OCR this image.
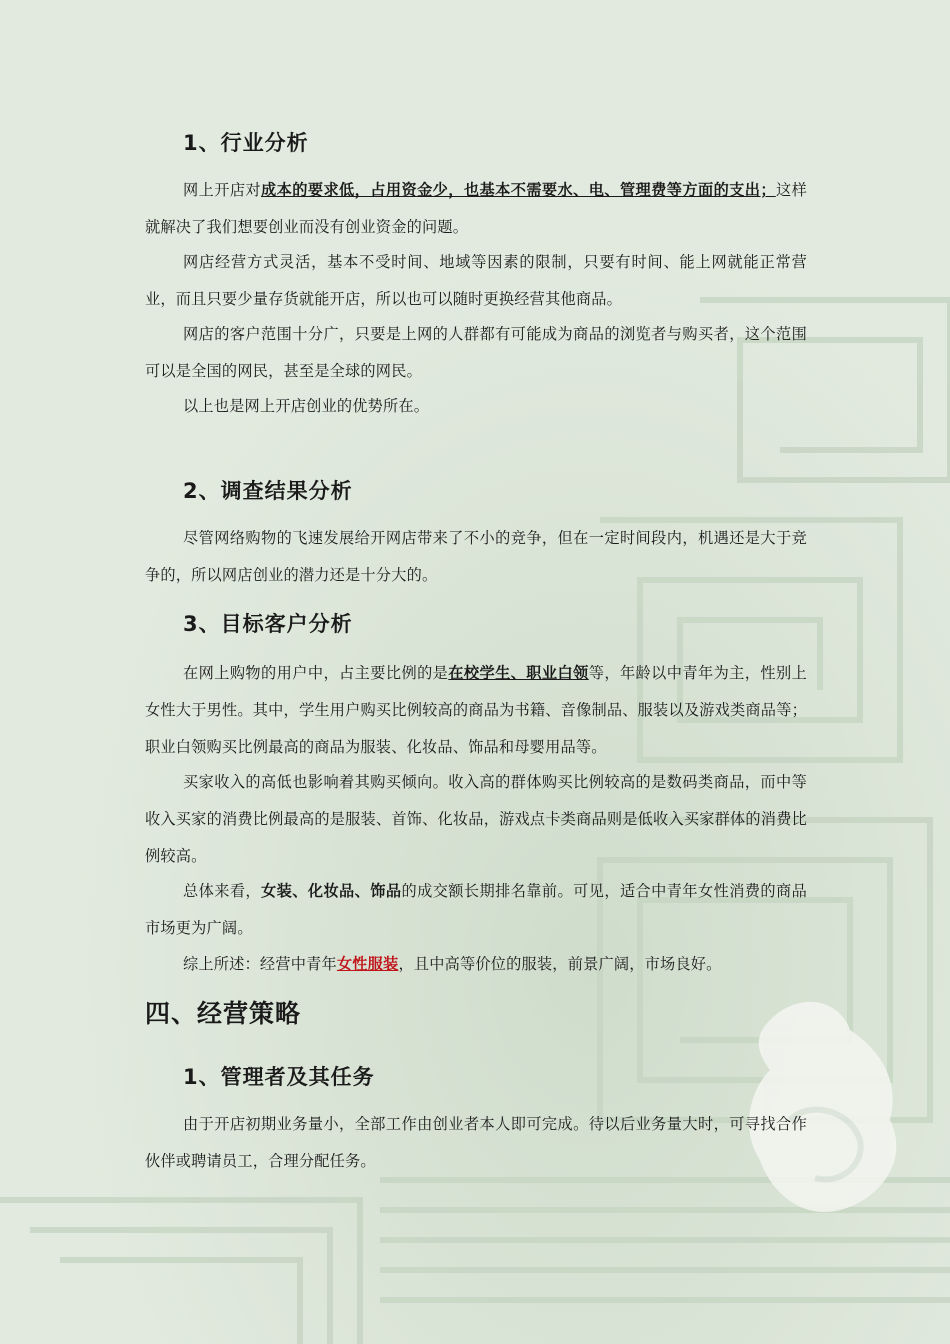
1、行业分析
网上开店对成本的要求低，占用资金少，也基本不需要水、电、管理费等方面的支出；这样就解决了我们想要创业而没有创业资金的问题。
网店经营方式灵活，基本不受时间、地域等因素的限制，只要有时间、能上网就能正常营业，而且只要少量存货就能开店，所以也可以随时更换经营其他商品。
网店的客户范围十分广，只要是上网的人群都有可能成为商品的浏览者与购买者，这个范围可以是全国的网民，甚至是全球的网民。
以上也是网上开店创业的优势所在。
2、调查结果分析
尽管网络购物的飞速发展给开网店带来了不小的竞争，但在一定时间段内，机遇还是大于竞争的，所以网店创业的潜力还是十分大的。
3、目标客户分析
在网上购物的用户中，占主要比例的是在校学生、职业白领等，年龄以中青年为主，性别上女性大于男性。其中，学生用户购买比例较高的商品为书籍、音像制品、服装以及游戏类商品等；职业白领购买比例最高的商品为服装、化妆品、饰品和母婴用品等。
买家收入的高低也影响着其购买倾向。收入高的群体购买比例较高的是数码类商品，而中等收入买家的消费比例最高的是服装、首饰、化妆品，游戏点卡类商品则是低收入买家群体的消费比例较高。
总体来看，女装、化妆品、饰品的成交额长期排名靠前。可见，适合中青年女性消费的商品市场更为广阔。
综上所述：经营中青年女性服装，且中高等价位的服装，前景广阔，市场良好。
四、经营策略
1、管理者及其任务
由于开店初期业务量小，全部工作由创业者本人即可完成。待以后业务量大时，可寻找合作伙伴或聘请员工，合理分配任务。
